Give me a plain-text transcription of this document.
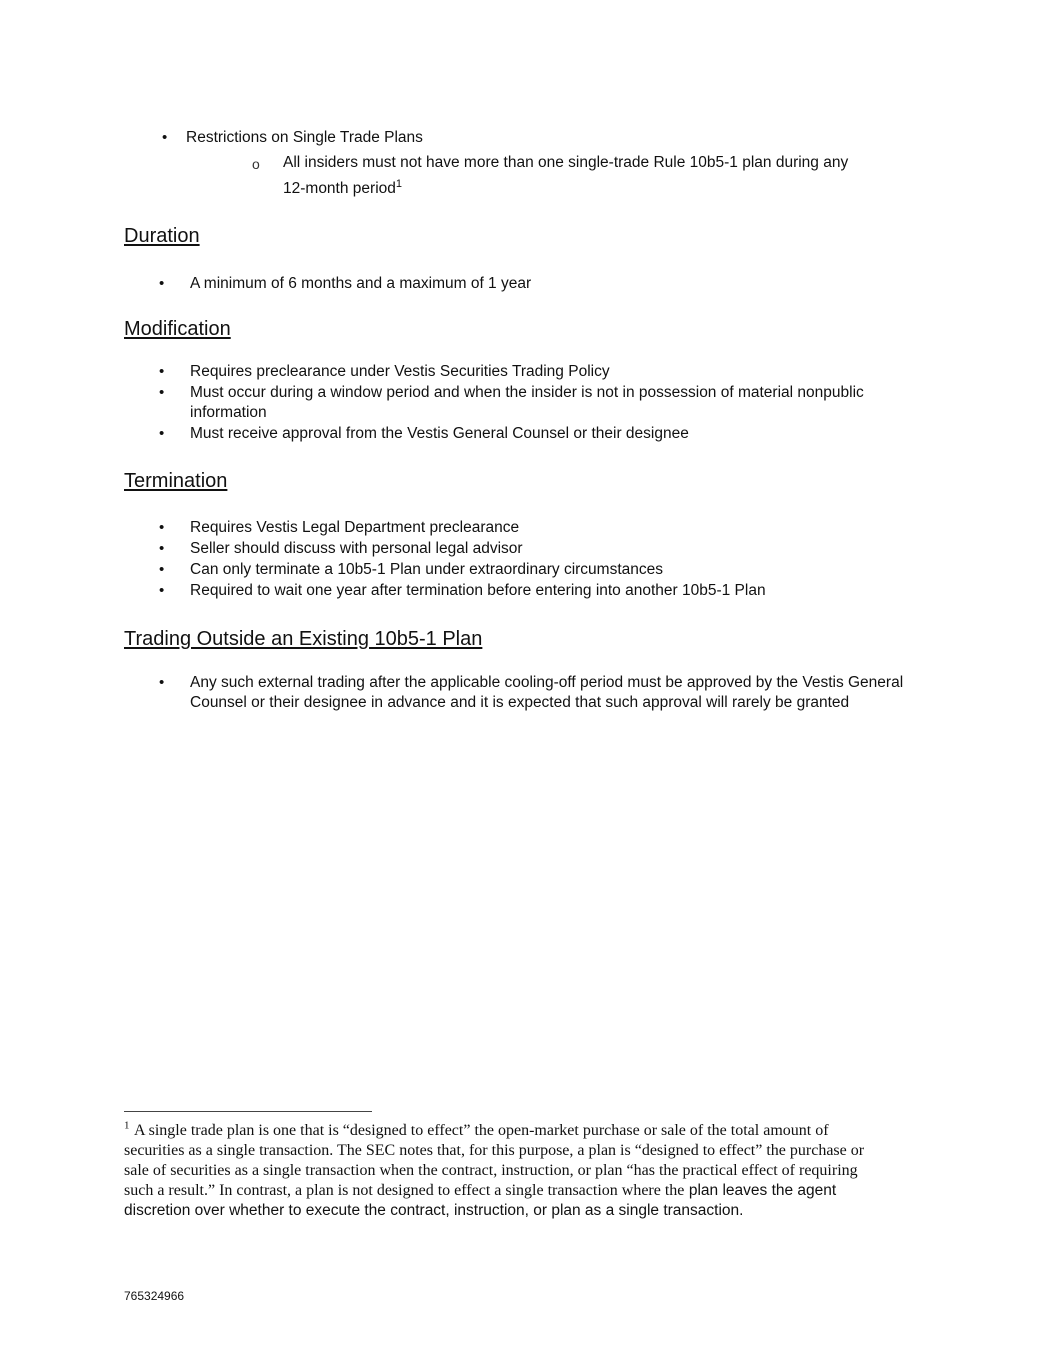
• Restrictions on Single Trade Plans
o All insiders must not have more than one single-trade Rule 10b5-1 plan during any
12-month period$^1$
Duration
• A minimum of 6 months and a maximum of 1 year
Modification
• Requires preclearance under Vestis Securities Trading Policy
• Must occur during a window period and when the insider is not in possession of material nonpublic information
• Must receive approval from the Vestis General Counsel or their designee
Termination
• Requires Vestis Legal Department preclearance
• Seller should discuss with personal legal advisor
• Can only terminate a 10b5-1 Plan under extraordinary circumstances
• Required to wait one year after termination before entering into another 10b5-1 Plan
Trading Outside an Existing 10b5-1 Plan
• Any such external trading after the applicable cooling-off period must be approved by the Vestis General Counsel or their designee in advance and it is expected that such approval will rarely be granted
$^1$ A single trade plan is one that is “designed to effect” the open-market purchase or sale of the total amount of securities as a single transaction. The SEC notes that, for this purpose, a plan is “designed to effect” the purchase or sale of securities as a single transaction when the contract, instruction, or plan “has the practical effect of requiring such a result.” In contrast, a plan is not designed to effect a single transaction where the plan leaves the agent discretion over whether to execute the contract, instruction, or plan as a single transaction.
765324966
